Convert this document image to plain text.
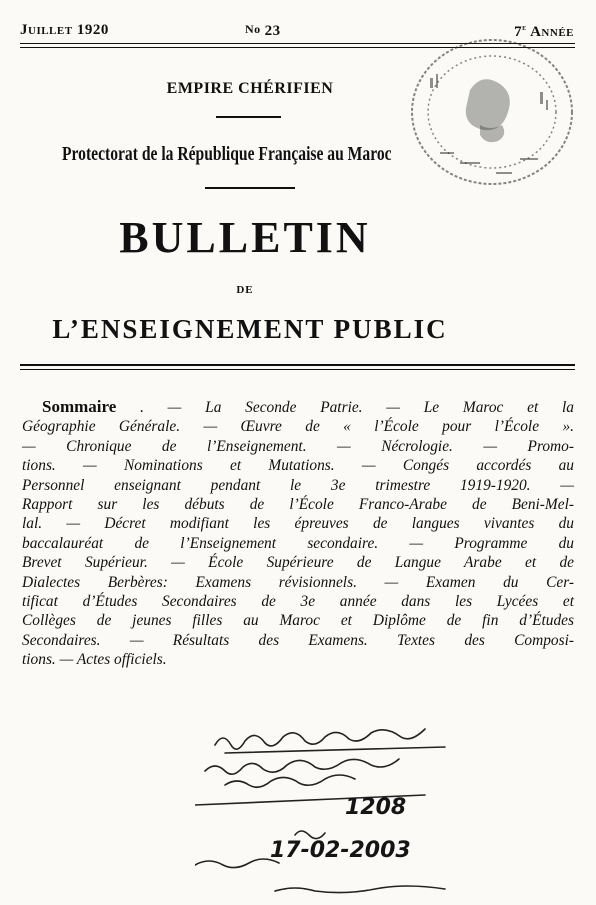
Juillet 1920	No 23	7e Année
EMPIRE CHÉRIFIEN
Protectorat de la République Française au Maroc
BULLETIN
DE
L’ENSEIGNEMENT PUBLIC
Sommaire . — La Seconde Patrie. — Le Maroc et la
Géographie Générale. — Œuvre de « l’École pour l’École ».
— Chronique de l’Enseignement. — Nécrologie. — Promo-
tions. — Nominations et Mutations. — Congés accordés au
Personnel enseignant pendant le 3e trimestre 1919-1920. —
Rapport sur les débuts de l’École Franco-Arabe de Beni-Mel-
lal. — Décret modifiant les épreuves de langues vivantes du
baccalauréat de l’Enseignement secondaire. — Programme du
Brevet Supérieur. — École Supérieure de Langue Arabe et de
Dialectes Berbères: Examens révisionnels. — Examen du Cer-
tificat d’Études Secondaires de 3e année dans les Lycées et
Collèges de jeunes filles au Maroc et Diplôme de fin d’Études
Secondaires. — Résultats des Examens. Textes des Composi-
tions. — Actes officiels.
1208
17-02-2003
